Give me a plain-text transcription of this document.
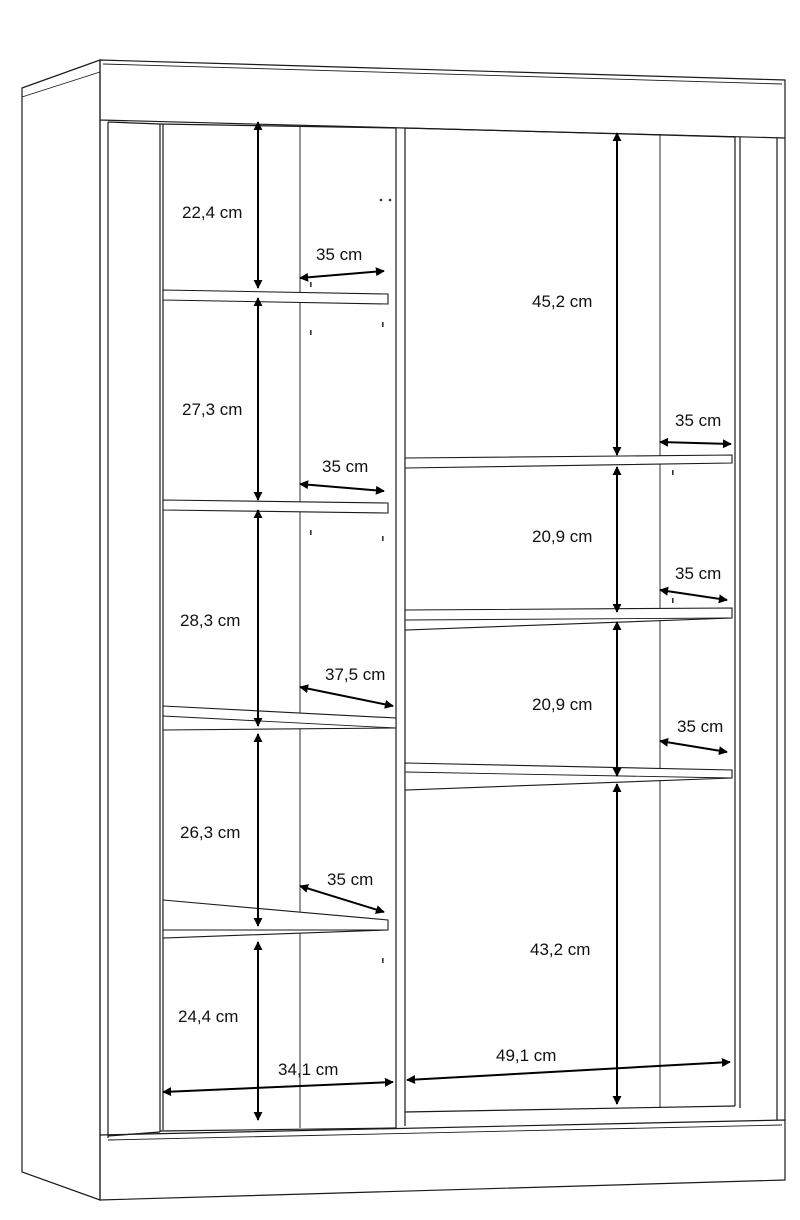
22,4 cm
27,3 cm
28,3 cm
26,3 cm
24,4 cm
35 cm
35 cm
37,5 cm
35 cm
34,1 cm
45,2 cm
20,9 cm
20,9 cm
43,2 cm
35 cm
35 cm
35 cm
49,1 cm
